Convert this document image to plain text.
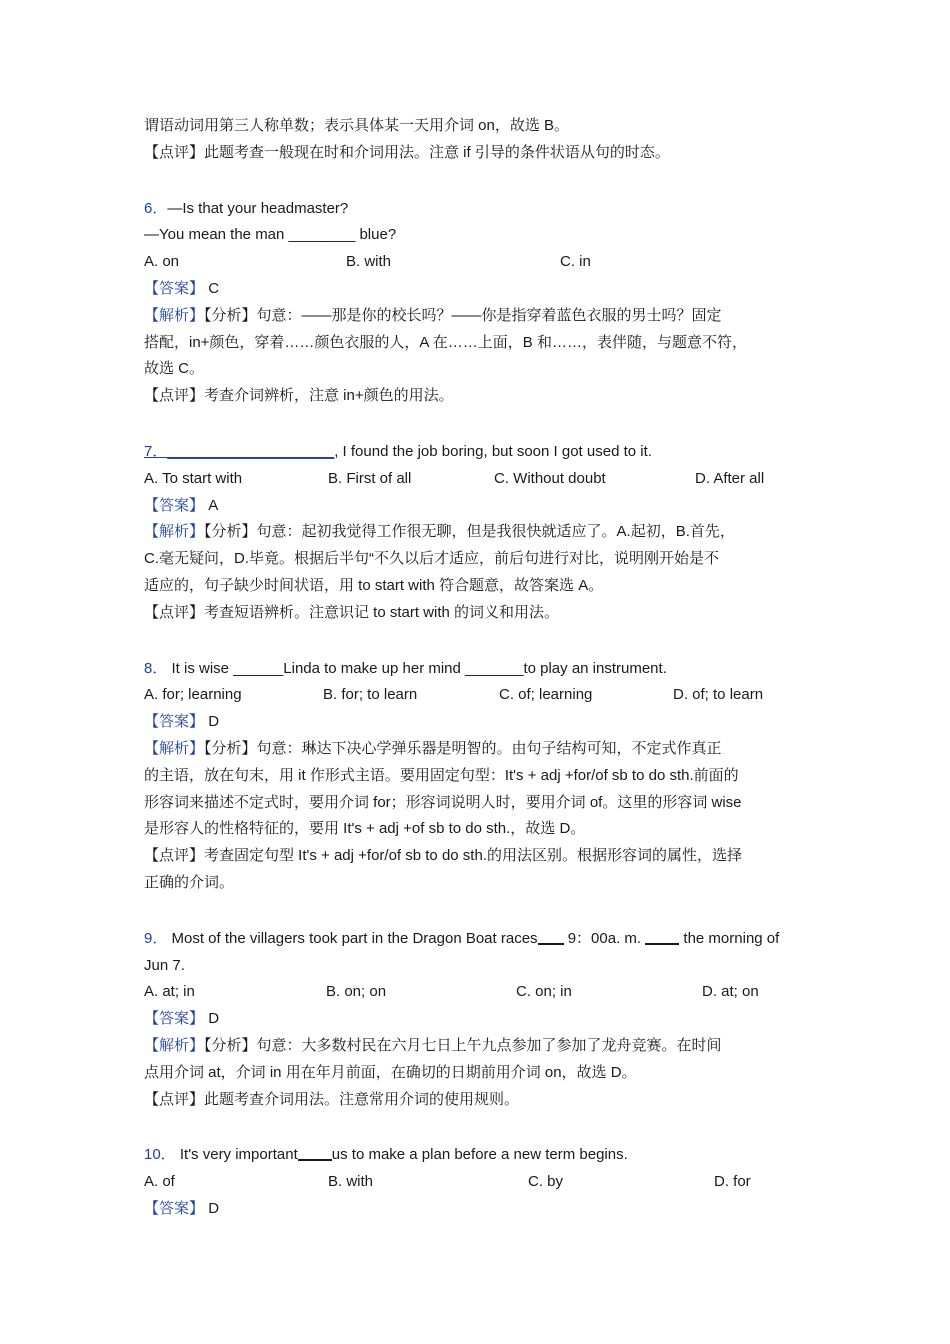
谓语动词用第三人称单数；表示具体某一天用介词 on，故选 B。
【点评】此题考查一般现在时和介词用法。注意 if 引导的条件状语从句的时态。
6．—Is that your headmaster?
—You mean the man ________ blue?
A. on	B. with	C. in
【答案】 C
【解析】【分析】句意：——那是你的校长吗？——你是指穿着蓝色衣服的男士吗？固定
搭配，in+颜色，穿着……颜色衣服的人，A 在……上面，B 和……，表伴随，与题意不符，
故选 C。
【点评】考查介词辨析，注意 in+颜色的用法。
7．____________________, I found the job boring, but soon I got used to it.
A. To start with	B. First of all	C. Without doubt	D. After all
【答案】 A
【解析】【分析】句意：起初我觉得工作很无聊，但是我很快就适应了。A.起初，B.首先，
C.毫无疑问，D.毕竟。根据后半句“不久以后才适应，前后句进行对比，说明刚开始是不
适应的，句子缺少时间状语，用 to start with 符合题意，故答案选 A。
【点评】考查短语辨析。注意识记 to start with 的词义和用法。
8． It is wise ______Linda to make up her mind _______to play an instrument.
A. for; learning	B. for; to learn	C. of; learning	D. of; to learn
【答案】 D
【解析】【分析】句意：琳达下决心学弹乐器是明智的。由句子结构可知，不定式作真正
的主语，放在句末，用 it 作形式主语。要用固定句型：It's + adj +for/of sb to do sth.前面的
形容词来描述不定式时，要用介词 for；形容词说明人时，要用介词 of。这里的形容词 wise
是形容人的性格特征的，要用 It's + adj +of sb to do sth.，故选 D。
【点评】考查固定句型 It's + adj +for/of sb to do sth.的用法区别。根据形容词的属性，选择
正确的介词。
9． Most of the villagers took part in the Dragon Boat races 9：00a. m.  the morning of
Jun 7.
A. at; in	B. on; on	C. on; in	D. at; on
【答案】 D
【解析】【分析】句意：大多数村民在六月七日上午九点参加了参加了龙舟竞赛。在时间
点用介词 at，介词 in 用在年月前面，在确切的日期前用介词 on，故选 D。
【点评】此题考查介词用法。注意常用介词的使用规则。
10． It's very important us to make a plan before a new term begins.
A. of	B. with	C. by	D. for
【答案】 D
